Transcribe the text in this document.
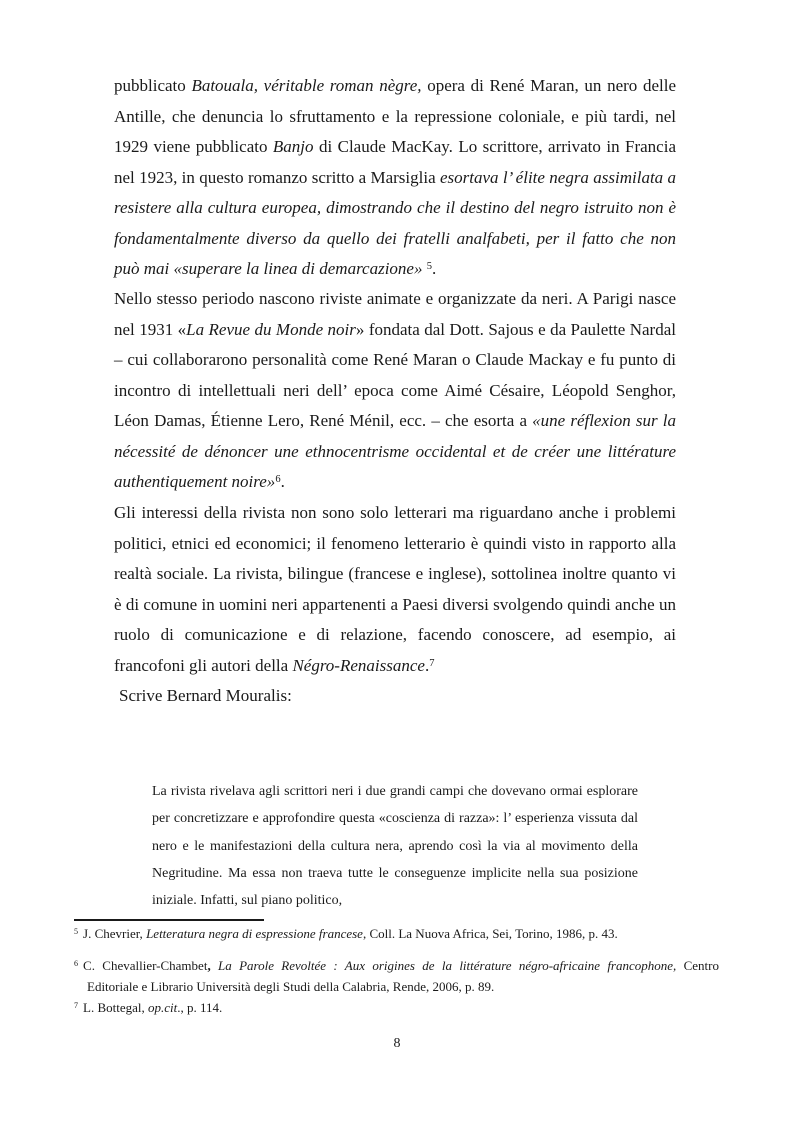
pubblicato Batouala, véritable roman nègre, opera di René Maran, un nero delle Antille, che denuncia lo sfruttamento e la repressione coloniale, e più tardi, nel 1929 viene pubblicato Banjo di Claude MacKay. Lo scrittore, arrivato in Francia nel 1923, in questo romanzo scritto a Marsiglia esortava l’ élite negra assimilata a resistere alla cultura europea, dimostrando che il destino del negro istruito non è fondamentalmente diverso da quello dei fratelli analfabeti, per il fatto che non può mai «superare la linea di demarcazione» $^5$.
Nello stesso periodo nascono riviste animate e organizzate da neri. A Parigi nasce nel 1931 «La Revue du Monde noir» fondata dal Dott. Sajous e da Paulette Nardal – cui collaborarono personalità come René Maran o Claude Mackay e fu punto di incontro di intellettuali neri dell’ epoca come Aimé Césaire, Léopold Senghor, Léon Damas, Étienne Lero, René Ménil, ecc. – che esorta a «une réflexion sur la nécessité de dénoncer une ethnocentrisme occidental et de créer une littérature authentiquement noire»$^6$.
Gli interessi della rivista non sono solo letterari ma riguardano anche i problemi politici, etnici ed economici; il fenomeno letterario è quindi visto in rapporto alla realtà sociale. La rivista, bilingue (francese e inglese), sottolinea inoltre quanto vi è di comune in uomini neri appartenenti a Paesi diversi svolgendo quindi anche un ruolo di comunicazione e di relazione, facendo conoscere, ad esempio, ai francofoni gli autori della Négro-Renaissance.$^7$
Scrive Bernard Mouralis:
La rivista rivelava agli scrittori neri i due grandi campi che dovevano ormai esplorare per concretizzare e approfondire questa «coscienza di razza»: l’ esperienza vissuta dal nero e le manifestazioni della cultura nera, aprendo così la via al movimento della Negritudine. Ma essa non traeva tutte le conseguenze implicite nella sua posizione iniziale. Infatti, sul piano politico,
$^5$ J. Chevrier, Letteratura negra di espressione francese, Coll. La Nuova Africa, Sei, Torino, 1986, p. 43.
$^6$ C. Chevallier-Chambet, La Parole Revoltée : Aux origines de la littérature négro-africaine francophone, Centro Editoriale e Librario Università degli Studi della Calabria, Rende, 2006, p. 89.
$^7$ L. Bottegal, op.cit., p. 114.
8
